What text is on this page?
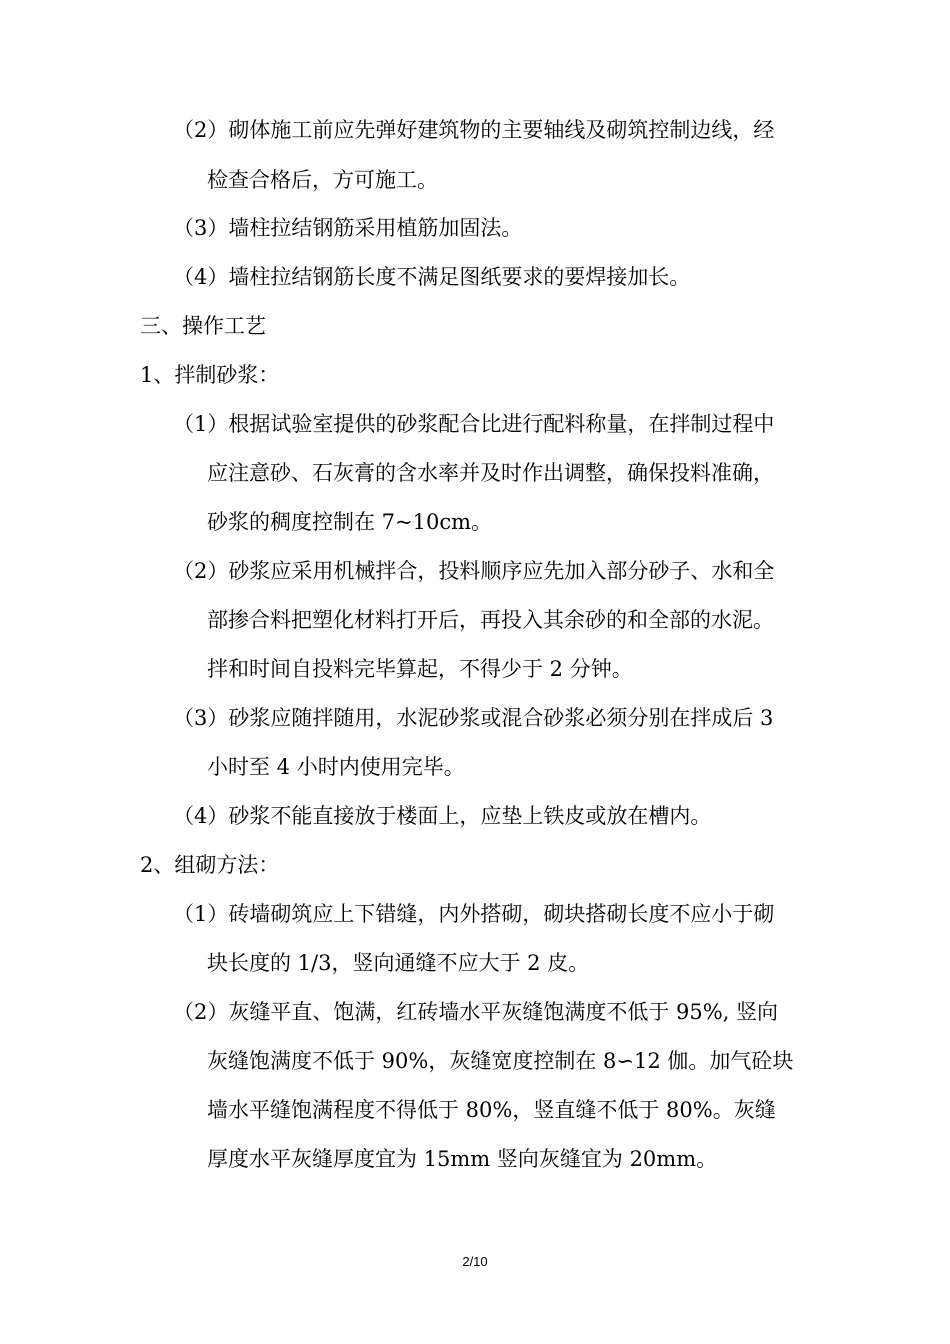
（2）砌体施工前应先弹好建筑物的主要轴线及砌筑控制边线，经
检查合格后，方可施工。
（3）墙柱拉结钢筋采用植筋加固法。
（4）墙柱拉结钢筋长度不满足图纸要求的要焊接加长。
三、操作工艺
1、拌制砂浆：
（1）根据试验室提供的砂浆配合比进行配料称量，在拌制过程中
应注意砂、石灰膏的含水率并及时作出调整，确保投料准确，
砂浆的稠度控制在 7~10cm。
（2）砂浆应采用机械拌合，投料顺序应先加入部分砂子、水和全
部掺合料把塑化材料打开后，再投入其余砂的和全部的水泥。
拌和时间自投料完毕算起，不得少于 2 分钟。
（3）砂浆应随拌随用，水泥砂浆或混合砂浆必须分别在拌成后 3
小时至 4 小时内使用完毕。
（4）砂浆不能直接放于楼面上，应垫上铁皮或放在槽内。
2、组砌方法：
（1）砖墙砌筑应上下错缝，内外搭砌，砌块搭砌长度不应小于砌
块长度的 1/3，竖向通缝不应大于 2 皮。
（2）灰缝平直、饱满，红砖墙水平灰缝饱满度不低于 95%, 竖向
灰缝饱满度不低于 90%，灰缝宽度控制在 8∽12 伽。加气砼块
墙水平缝饱满程度不得低于 80%，竖直缝不低于 80%。灰缝
厚度水平灰缝厚度宜为 15mm 竖向灰缝宜为 20mm。
2/10
